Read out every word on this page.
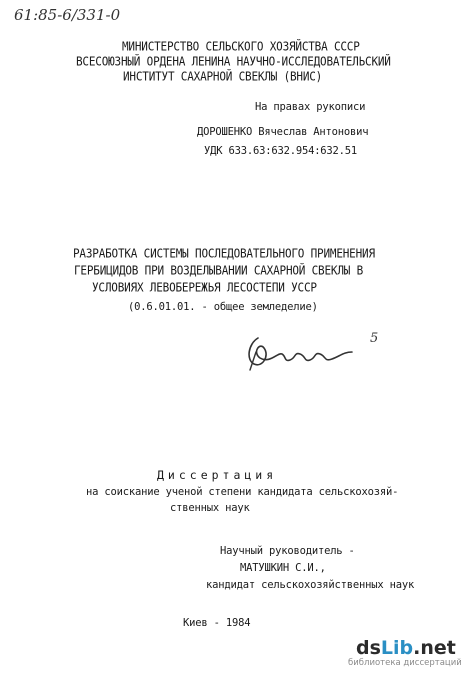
61:85-6/331-0
МИНИСТЕРСТВО СЕЛЬСКОГО ХОЗЯЙСТВА СССР
ВСЕСОЮЗНЫЙ ОРДЕНА ЛЕНИНА НАУЧНО-ИССЛЕДОВАТЕЛЬСКИЙ
ИНСТИТУТ САХАРНОЙ СВЕКЛЫ (ВНИС)
На правах рукописи
ДОРОШЕНКО Вячеслав Антонович
УДК 633.63:632.954:632.51
РАЗРАБОТКА СИСТЕМЫ ПОСЛЕДОВАТЕЛЬНОГО ПРИМЕНЕНИЯ
ГЕРБИЦИДОВ ПРИ ВОЗДЕЛЫВАНИИ САХАРНОЙ СВЕКЛЫ В
УСЛОВИЯХ ЛЕВОБЕРЕЖЬЯ ЛЕСОСТЕПИ УССР
(0.6.01.01. - общее земледелие)
5
Диссертация
на соискание ученой степени кандидата сельскохозяй-
ственных наук
Научный руководитель -
МАТУШКИН С.И.,
кандидат сельскохозяйственных наук
Киев - 1984
dsLib.net
библиотека диссертаций
